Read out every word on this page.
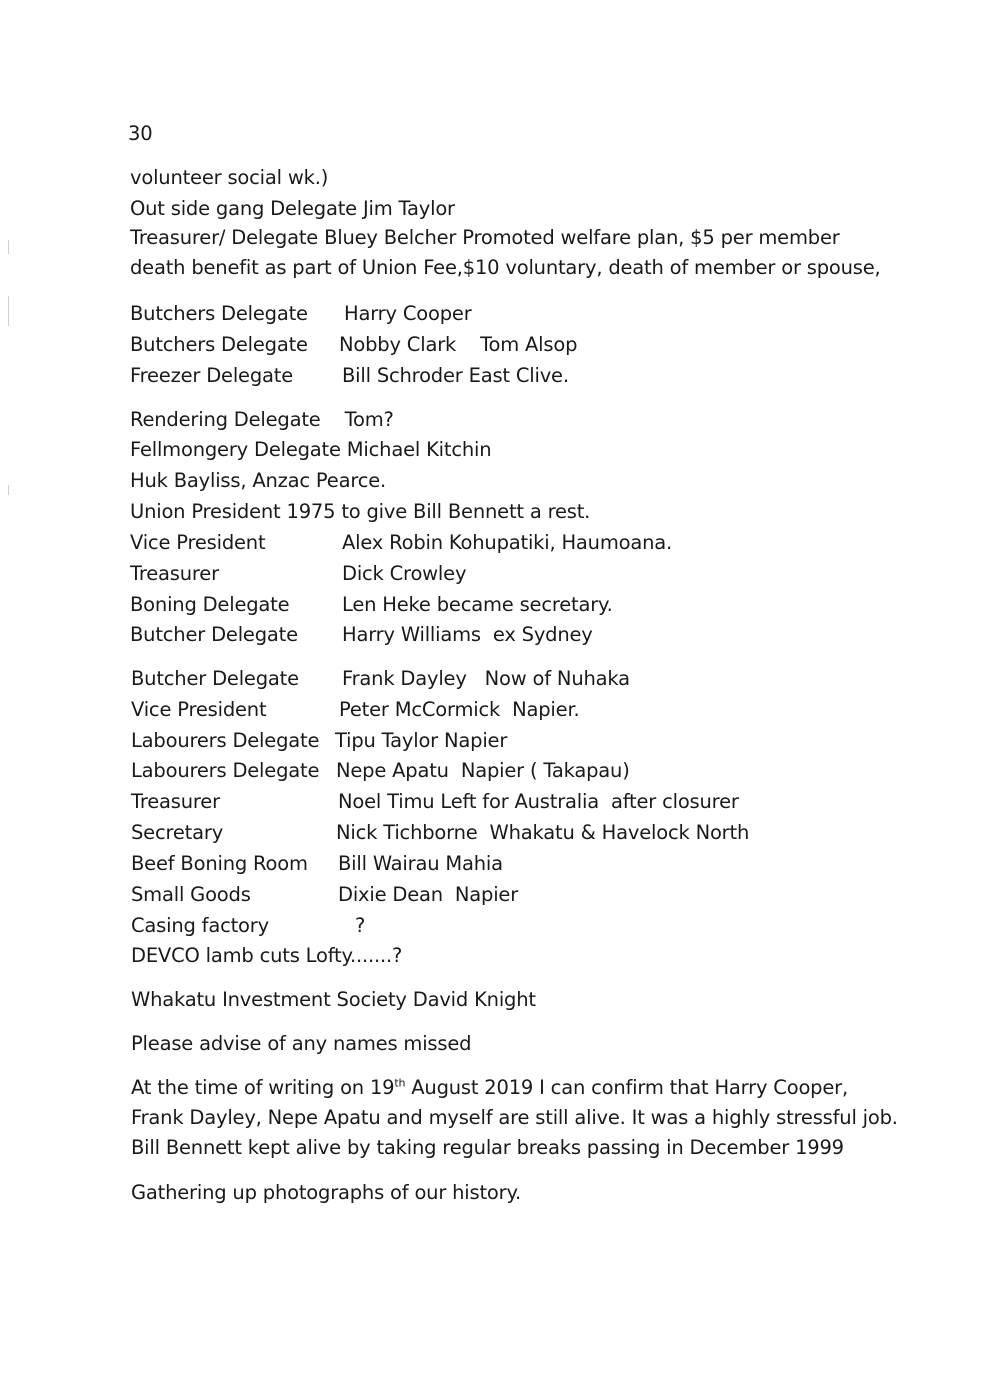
30
volunteer social wk.)
Out side gang Delegate Jim Taylor
Treasurer/ Delegate Bluey Belcher Promoted welfare plan, $5 per member
death benefit as part of Union Fee,$10 voluntary, death of member or spouse,
Butchers Delegate Harry Cooper
Butchers Delegate Nobby Clark    Tom Alsop
Freezer Delegate	Bill Schroder East Clive.
Rendering Delegate    Tom?
Fellmongery Delegate Michael Kitchin
Huk Bayliss, Anzac Pearce.
Union President 1975 to give Bill Bennett a rest.
Vice President	Alex Robin Kohupatiki, Haumoana.
Treasurer	Dick Crowley
Boning Delegate	Len Heke became secretary.
Butcher Delegate Harry Williams  ex Sydney
Butcher Delegate Frank Dayley   Now of Nuhaka
Vice President	Peter McCormick  Napier.
Labourers Delegate Tipu Taylor Napier
Labourers Delegate Nepe Apatu  Napier ( Takapau)
Treasurer	Noel Timu Left for Australia  after closurer
Secretary	Nick Tichborne  Whakatu & Havelock North
Beef Boning Room Bill Wairau Mahia
Small Goods	Dixie Dean  Napier
Casing factory	?
DEVCO lamb cuts Lofty.......?
Whakatu Investment Society David Knight
Please advise of any names missed
At the time of writing on 19th August 2019 I can confirm that Harry Cooper,
Frank Dayley, Nepe Apatu and myself are still alive. It was a highly stressful job.
Bill Bennett kept alive by taking regular breaks passing in December 1999
Gathering up photographs of our history.
